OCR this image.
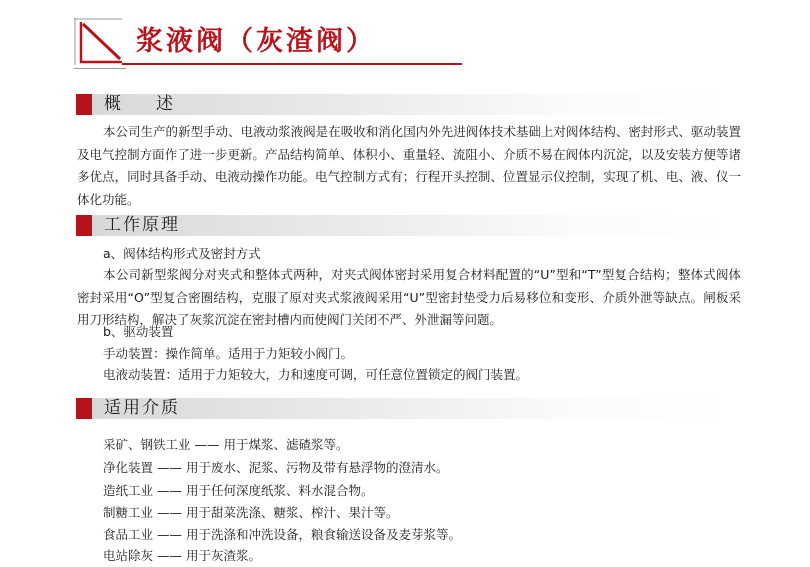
浆液阀（灰渣阀）
概　述

本公司生产的新型手动、电液动浆液阀是在吸收和消化国内外先进阀体技术基础上对阀体结构、密封形式、驱动装置及电气控制方面作了进一步更新。产品结构简单、体积小、重量轻、流阻小、介质不易在阀体内沉淀，以及安装方便等诸多优点，同时具备手动、电液动操作功能。电气控制方式有；行程开头控制、位置显示仪控制，实现了机、电、液、仪一体化功能。

工作原理
a、阀体结构形式及密封方式

本公司新型浆阀分对夹式和整体式两种，对夹式阀体密封采用复合材料配置的“U”型和“T”型复合结构；整体式阀体密封采用“O”型复合密圈结构，克服了原对夹式浆液阀采用“U”型密封垫受力后易移位和变形、介质外泄等缺点。闸板采用刀形结构，解决了灰浆沉淀在密封槽内而使阀门关闭不严、外泄漏等问题。

b、驱动装置
手动装置：操作简单。适用于力矩较小阀门。
电液动装置：适用于力矩较大，力和速度可调，可任意位置锁定的阀门装置。
适用介质
采矿、钢铁工业 —— 用于煤浆、滤碴浆等。
净化装置 —— 用于废水、泥浆、污物及带有悬浮物的澄清水。
造纸工业 —— 用于任何深度纸浆、料水混合物。
制糖工业 —— 用于甜菜洗涤、糖浆、榨汁、果汁等。
食品工业 —— 用于洗涤和冲洗设备，粮食输送设备及麦芽浆等。
电站除灰 —— 用于灰渣浆。
